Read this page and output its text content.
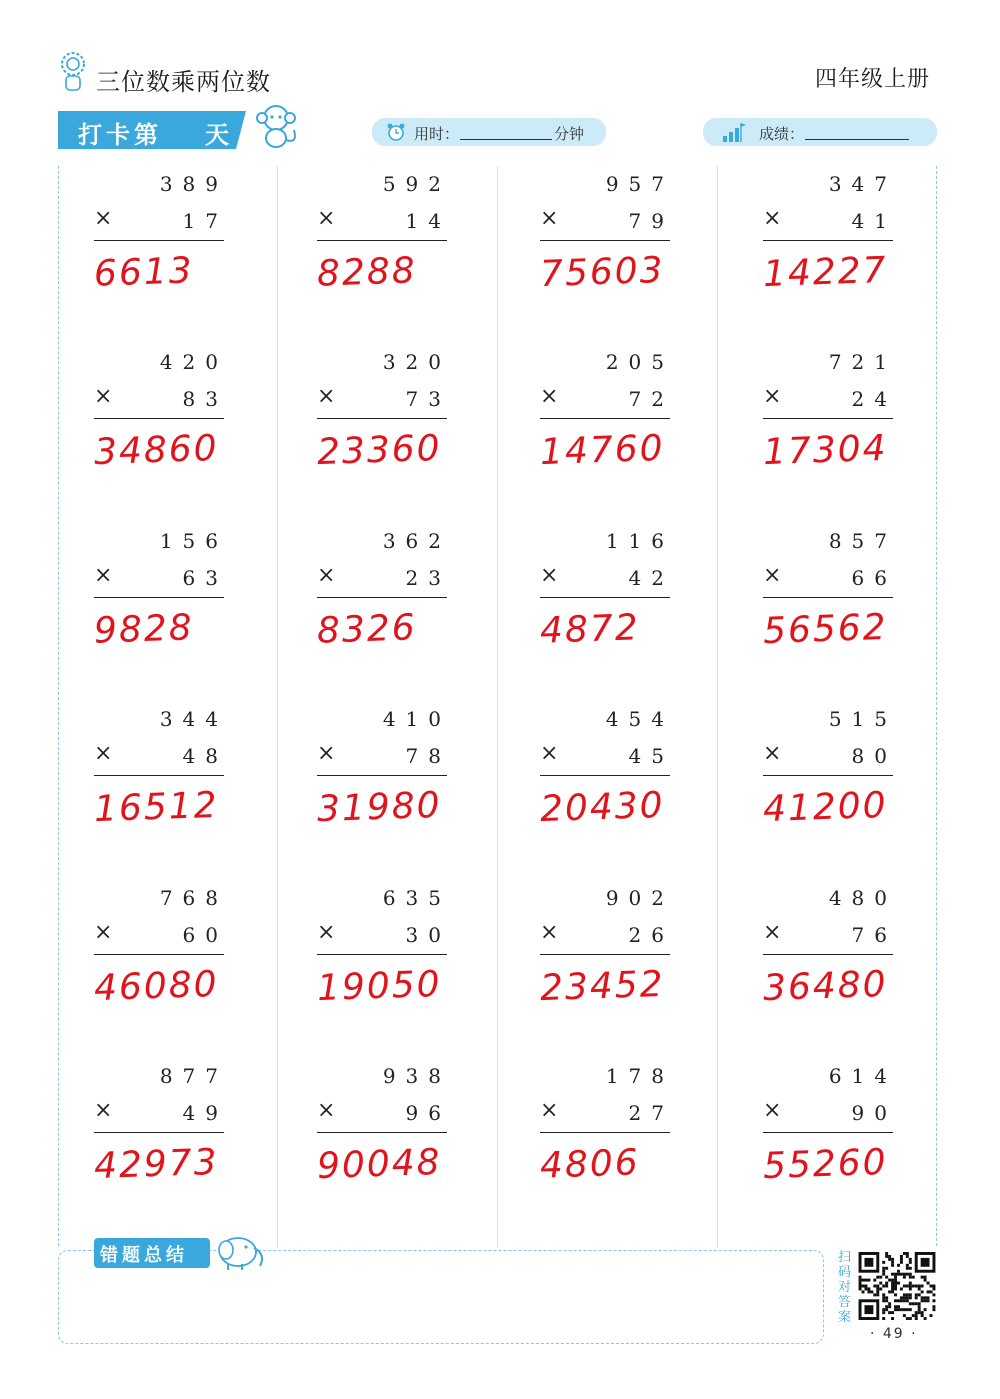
三位数乘两位数	四年级上册
打卡第 天	用时：	分钟	成绩：
389
×	17
6613
592
×	14
8288
957
×	79
75603
347
×	41
14227
420
×	83
34860
320
×	73
23360
205
×	72
14760
721
×	24
17304
156
×	63
9828
362
×	23
8326
116
×	42
4872
857
×	66
56562
344
×	48
16512
410
×	78
31980
454
×	45
20430
515
×	80
41200
768
×	60
46080
635
×	30
19050
902
×	26
23452
480
×	76
36480
877
×	49
42973
938
×	96
90048
178
×	27
4806
614
×	90
55260
错题总结	扫码对答案
· 49 ·
